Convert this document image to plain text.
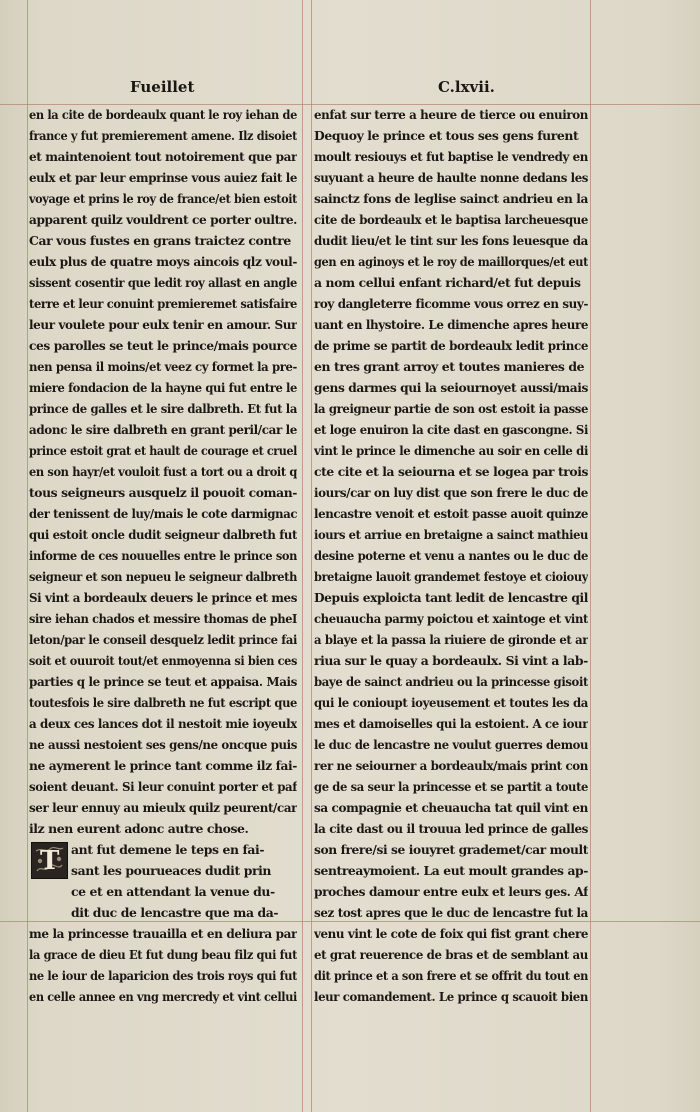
Fueillet	C.lxvii.
en la cite de bordeaulx quant le roy iehan de
france y fut premierement amene. Ilz disoiet
et maintenoient tout notoirement que par
eulx et par leur emprinse vous auiez fait le
voyage et prins le roy de france/et bien estoit
apparent quilz vouldrent ce porter oultre.
Car vous fustes en grans traictez contre
eulx plus de quatre moys aincois qlz voul-
sissent cosentir que ledit roy allast en angle
terre et leur conuint premieremet satisfaire
leur voulete pour eulx tenir en amour. Sur
ces parolles se teut le prince/mais pource
nen pensa il moins/et veez cy formet la pre-
miere fondacion de la hayne qui fut entre le
prince de galles et le sire dalbreth. Et fut la
adonc le sire dalbreth en grant peril/car le
prince estoit grat et hault de courage et cruel
en son hayr/et vouloit fust a tort ou a droit q
tous seigneurs ausquelz il pouoit coman-
der tenissent de luy/mais le cote darmignac
qui estoit oncle dudit seigneur dalbreth fut
informe de ces nouuelles entre le prince son
seigneur et son nepueu le seigneur dalbreth
Si vint a bordeaulx deuers le prince et mes
sire iehan chados et messire thomas de pheI
leton/par le conseil desquelz ledit prince fai
soit et ouuroit tout/et enmoyenna si bien ces
parties q le prince se teut et appaisa. Mais
toutesfois le sire dalbreth ne fut escript que
a deux ces lances dot il nestoit mie ioyeulx
ne aussi nestoient ses gens/ne oncque puis
ne aymerent le prince tant comme ilz fai-
soient deuant. Si leur conuint porter et paf
ser leur ennuy au mieulx quilz peurent/car
ilz nen eurent adonc autre chose.
T ant fut demene le teps en fai-
sant les pourueaces dudit prin
ce et en attendant la venue du-
dit duc de lencastre que ma da-
me la princesse trauailla et en deliura par
la grace de dieu Et fut dung beau filz qui fut
ne le iour de laparicion des trois roys qui fut
en celle annee en vng mercredy et vint cellui
enfat sur terre a heure de tierce ou enuiron
Dequoy le prince et tous ses gens furent
moult resiouys et fut baptise le vendredy en
suyuant a heure de haulte nonne dedans les
sainctz fons de leglise sainct andrieu en la
cite de bordeaulx et le baptisa larcheuesque
dudit lieu/et le tint sur les fons leuesque da
gen en aginoys et le roy de maillorques/et eut
a nom cellui enfant richard/et fut depuis
roy dangleterre ficomme vous orrez en suy-
uant en lhystoire. Le dimenche apres heure
de prime se partit de bordeaulx ledit prince
en tres grant arroy et toutes manieres de
gens darmes qui la seiournoyet aussi/mais
la greigneur partie de son ost estoit ia passe
et loge enuiron la cite dast en gascongne. Si
vint le prince le dimenche au soir en celle di
cte cite et la seiourna et se logea par trois
iours/car on luy dist que son frere le duc de
lencastre venoit et estoit passe auoit quinze
iours et arriue en bretaigne a sainct mathieu
desine poterne et venu a nantes ou le duc de
bretaigne lauoit grandemet festoye et cioiouy
Depuis exploicta tant ledit de lencastre qil
cheuaucha parmy poictou et xaintoge et vint
a blaye et la passa la riuiere de gironde et ar
riua sur le quay a bordeaulx. Si vint a lab-
baye de sainct andrieu ou la princesse gisoit
qui le conioupt ioyeusement et toutes les da
mes et damoiselles qui la estoient. A ce iour
le duc de lencastre ne voulut guerres demou
rer ne seiourner a bordeaulx/mais print con
ge de sa seur la princesse et se partit a toute
sa compagnie et cheuaucha tat quil vint en
la cite dast ou il trouua led prince de galles
son frere/si se iouyret grademet/car moult
sentreaymoient. La eut moult grandes ap-
proches damour entre eulx et leurs ges. Af
sez tost apres que le duc de lencastre fut la
venu vint le cote de foix qui fist grant chere
et grat reuerence de bras et de semblant au
dit prince et a son frere et se offrit du tout en
leur comandement. Le prince q scauoit bien
